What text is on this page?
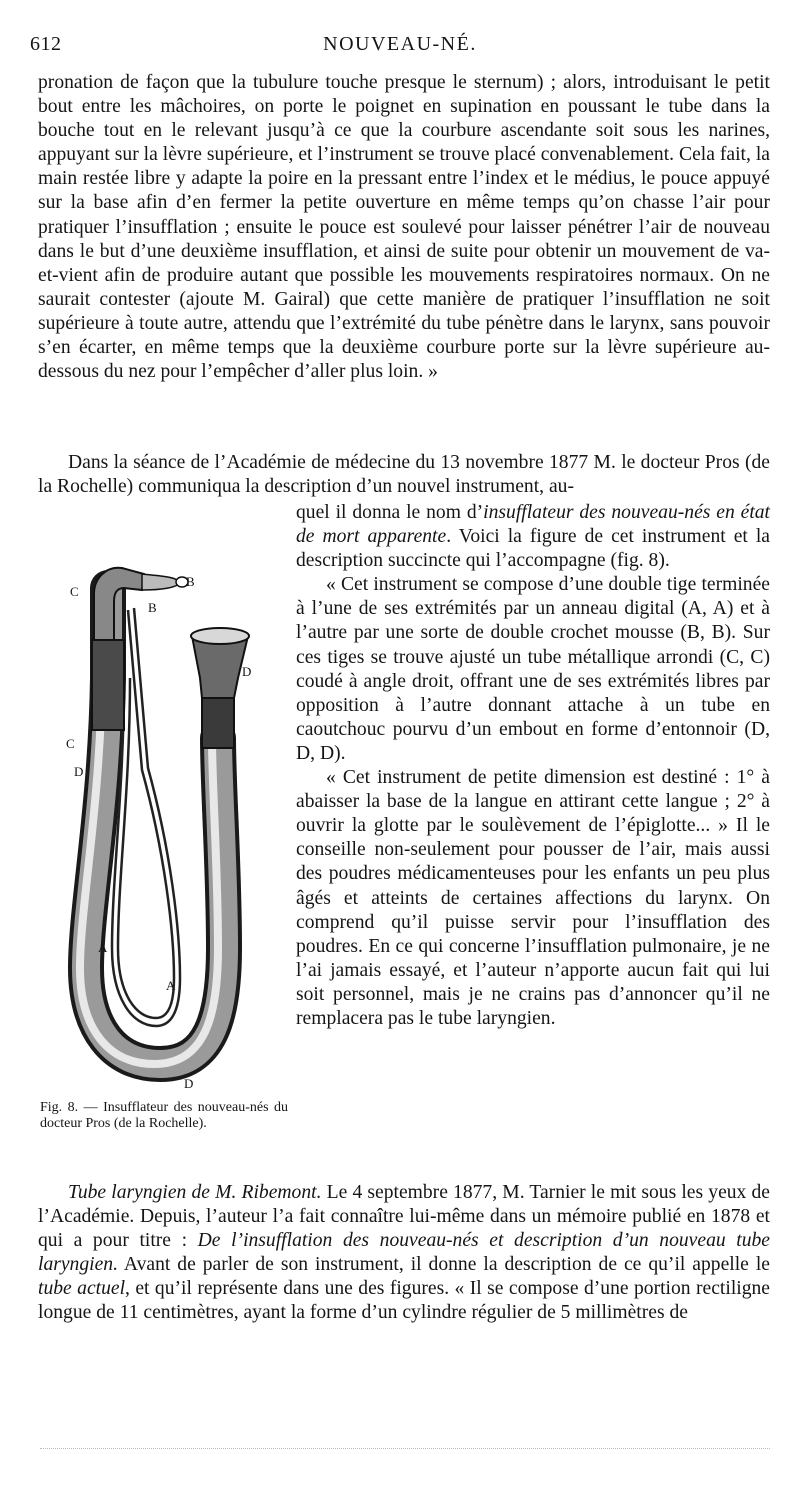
612	NOUVEAU-NÉ.

pronation de façon que la tubulure touche presque le sternum) ; alors, introduisant le petit bout entre les mâchoires, on porte le poignet en supination en poussant le tube dans la bouche tout en le relevant jusqu’à ce que la courbure ascendante soit sous les narines, appuyant sur la lèvre supérieure, et l’instrument se trouve placé convenablement. Cela fait, la main restée libre y adapte la poire en la pressant entre l’index et le médius, le pouce appuyé sur la base afin d’en fermer la petite ouverture en même temps qu’on chasse l’air pour pratiquer l’insufflation ; ensuite le pouce est soulevé pour laisser pénétrer l’air de nouveau dans le but d’une deuxième insufflation, et ainsi de suite pour obtenir un mouvement de va-et-vient afin de produire autant que possible les mouvements respiratoires normaux. On ne saurait contester (ajoute M. Gairal) que cette manière de pratiquer l’insufflation ne soit supérieure à toute autre, attendu que l’extrémité du tube pénètre dans le larynx, sans pouvoir s’en écarter, en même temps que la deuxième courbure porte sur la lèvre supérieure au-dessous du nez pour l’empêcher d’aller plus loin. »

Dans la séance de l’Académie de médecine du 13 novembre 1877 M. le docteur Pros (de la Rochelle) communiqua la description d’un nouvel instrument, au-

quel il donna le nom d’insufflateur des nouveau-nés en état de mort apparente. Voici la figure de cet instrument et la description succincte qui l’accompagne (fig. 8).

« Cet instrument se compose d’une double tige terminée à l’une de ses extrémités par un anneau digital (A, A) et à l’autre par une sorte de double crochet mousse (B, B). Sur ces tiges se trouve ajusté un tube métallique arrondi (C, C) coudé à angle droit, offrant une de ses extrémités libres par opposition à l’autre donnant attache à un tube en caoutchouc pourvu d’un embout en forme d’entonnoir (D, D, D).

« Cet instrument de petite dimension est destiné : 1° à abaisser la base de la langue en attirant cette langue ; 2° à ouvrir la glotte par le soulèvement de l’épiglotte... » Il le conseille non-seulement pour pousser de l’air, mais aussi des poudres médicamenteuses pour les enfants un peu plus âgés et atteints de certaines affections du larynx. On comprend qu’il puisse servir pour l’insufflation des poudres. En ce qui concerne l’insufflation pulmonaire, je ne l’ai jamais essayé, et l’auteur n’apporte aucun fait qui lui soit personnel, mais je ne crains pas d’annoncer qu’il ne remplacera pas le tube laryngien.

C
B
B
D
C
D
A
A
D
Fig. 8. — Insufflateur des nouveau-nés du docteur Pros (de la Rochelle).

Tube laryngien de M. Ribemont. Le 4 septembre 1877, M. Tarnier le mit sous les yeux de l’Académie. Depuis, l’auteur l’a fait connaître lui-même dans un mémoire publié en 1878 et qui a pour titre : De l’insufflation des nouveau-nés et description d’un nouveau tube laryngien. Avant de parler de son instrument, il donne la description de ce qu’il appelle le tube actuel, et qu’il représente dans une des figures. « Il se compose d’une portion rectiligne longue de 11 centimètres, ayant la forme d’un cylindre régulier de 5 millimètres de
